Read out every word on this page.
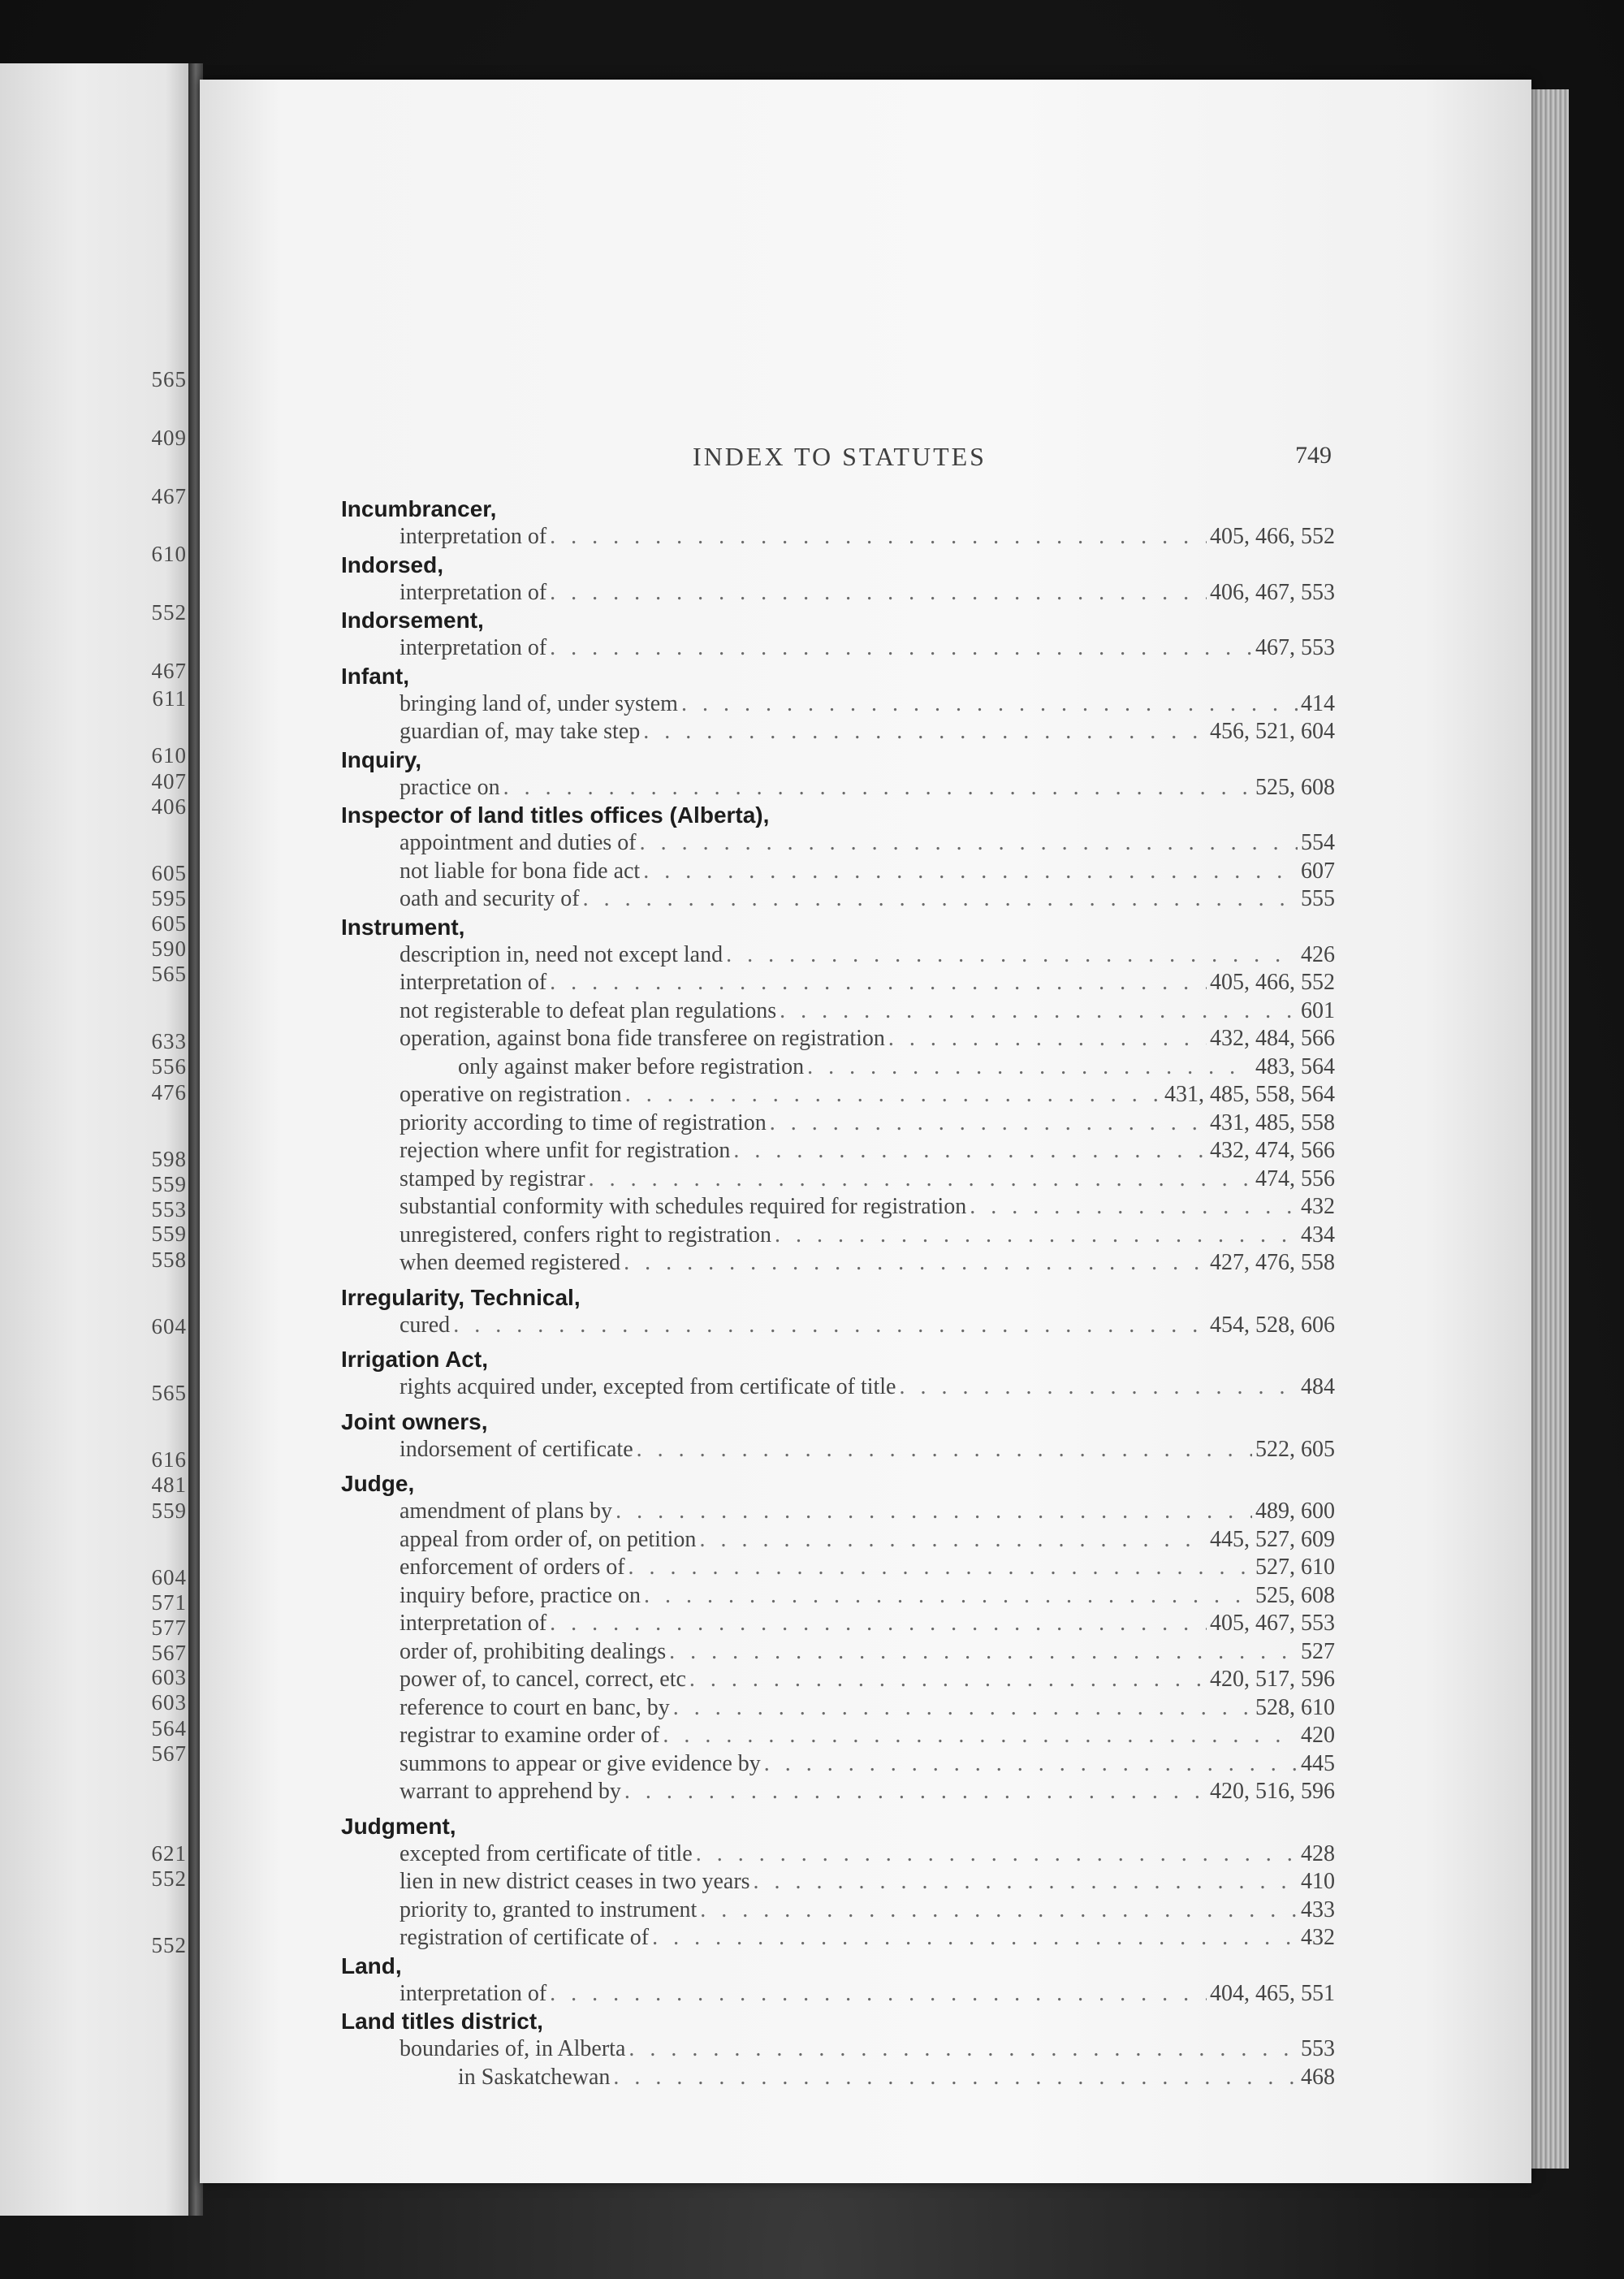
565
409
467
610
552
467
611
610
407
406
605
595
605
590
565
633
556
476
598
559
553
559
558
604
565
616
481
559
604
571
577
567
603
603
564
567
621
552
552
INDEX TO STATUTES	749
Incumbrancer,
interpretation of . . .	405, 466, 552
Indorsed,
interpretation of . . .	406, 467, 553
Indorsement,
interpretation of . . .	467, 553
Infant,
bringing land of, under system . . .	414
guardian of, may take step . . .	456, 521, 604
Inquiry,
practice on . . .	525, 608
Inspector of land titles offices (Alberta),
appointment and duties of . . .	554
not liable for bona fide act . . .	607
oath and security of . . .	555
Instrument,
description in, need not except land . . .	426
interpretation of . . .	405, 466, 552
not registerable to defeat plan regulations . . .	601
operation, against bona fide transferee on registration . . .	432, 484, 566
only against maker before registration . . .	483, 564
operative on registration . . .	431, 485, 558, 564
priority according to time of registration . . .	431, 485, 558
rejection where unfit for registration . . .	432, 474, 566
stamped by registrar . . .	474, 556
substantial conformity with schedules required for registration . . .	432
unregistered, confers right to registration . . .	434
when deemed registered . . .	427, 476, 558
Irregularity, Technical,
cured . . .	454, 528, 606
Irrigation Act,
rights acquired under, excepted from certificate of title . . .	484
Joint owners,
indorsement of certificate . . .	522, 605
Judge,
amendment of plans by . . .	489, 600
appeal from order of, on petition . . .	445, 527, 609
enforcement of orders of . . .	527, 610
inquiry before, practice on . . .	525, 608
interpretation of . . .	405, 467, 553
order of, prohibiting dealings . . .	527
power of, to cancel, correct, etc . . .	420, 517, 596
reference to court en banc, by . . .	528, 610
registrar to examine order of . . .	420
summons to appear or give evidence by . . .	445
warrant to apprehend by . . .	420, 516, 596
Judgment,
excepted from certificate of title . . .	428
lien in new district ceases in two years . . .	410
priority to, granted to instrument . . .	433
registration of certificate of . . .	432
Land,
interpretation of . . .	404, 465, 551
Land titles district,
boundaries of, in Alberta . . .	553
in Saskatchewan . . .	468
